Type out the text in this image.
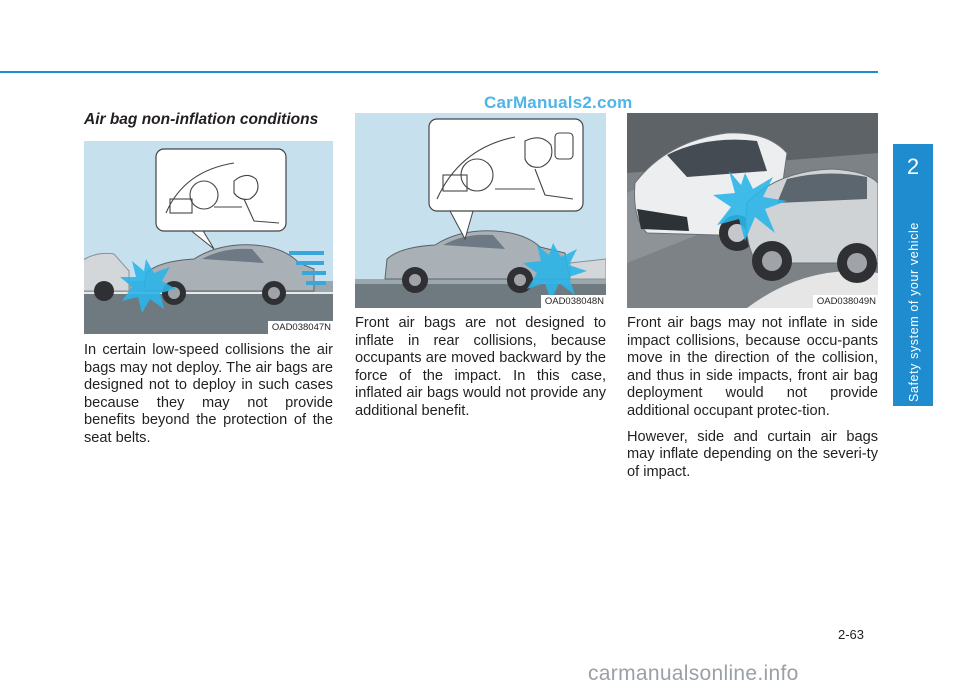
CarManuals2.com
Air bag non-inflation conditions
OAD038047N
OAD038048N	OAD038049N

In certain low-speed collisions the air bags may not deploy. The air bags are designed not to deploy in such cases because they may not provide benefits beyond the protection of the seat belts.

Front air bags are not designed to inflate in rear collisions, because occupants are moved backward by the force of the impact. In this case, inflated air bags would not provide any additional benefit.

Front air bags may not inflate in side impact collisions, because occu-pants move in the direction of the collision, and thus in side impacts, front air bag deployment would not provide additional occupant protec-tion.

However, side and curtain air bags may inflate depending on the severi-ty of impact.

2
Safety system of your vehicle
2-63
carmanualsonline.info
